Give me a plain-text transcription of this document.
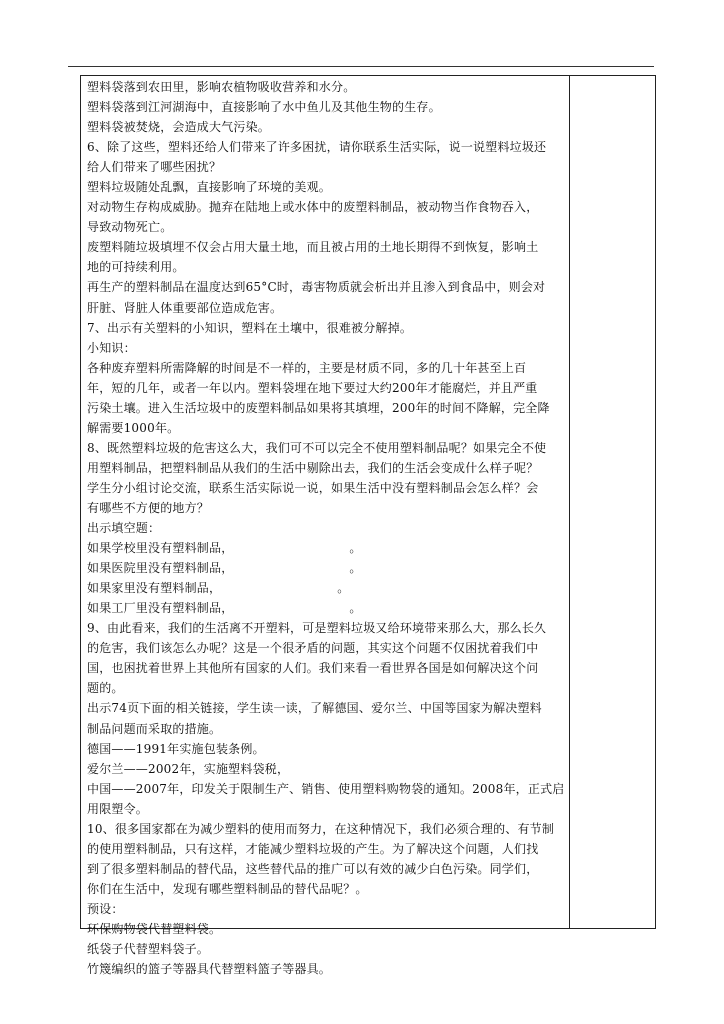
塑料袋落到农田里，影响农植物吸收营养和水分。

塑料袋落到江河湖海中，直接影响了水中鱼儿及其他生物的生存。

塑料袋被焚烧，会造成大气污染。

6、除了这些，塑料还给人们带来了许多困扰，请你联系生活实际，说一说塑料垃圾还

给人们带来了哪些困扰？

塑料垃圾随处乱飘，直接影响了环境的美观。

对动物生存构成威胁。抛弃在陆地上或水体中的废塑料制品，被动物当作食物吞入，

导致动物死亡。

废塑料随垃圾填埋不仅会占用大量土地，而且被占用的土地长期得不到恢复，影响土

地的可持续利用。

再生产的塑料制品在温度达到65°C时，毒害物质就会析出并且渗入到食品中，则会对

肝脏、肾脏人体重要部位造成危害。

7、出示有关塑料的小知识，塑料在土壤中，很难被分解掉。

小知识：

各种废弃塑料所需降解的时间是不一样的，主要是材质不同，多的几十年甚至上百

年，短的几年，或者一年以内。塑料袋埋在地下要过大约200年才能腐烂，并且严重

污染土壤。进入生活垃圾中的废塑料制品如果将其填埋，200年的时间不降解，完全降

解需要1000年。

8、既然塑料垃圾的危害这么大，我们可不可以完全不使用塑料制品呢？如果完全不使

用塑料制品，把塑料制品从我们的生活中剔除出去，我们的生活会变成什么样子呢？

学生分小组讨论交流，联系生活实际说一说，如果生活中没有塑料制品会怎么样？会

有哪些不方便的地方？

出示填空题：

如果学校里没有塑料制品，　　　　　　　　　　。

如果医院里没有塑料制品，　　　　　　　　　　。

如果家里没有塑料制品，　　　　　　　　　　。

如果工厂里没有塑料制品，　　　　　　　　　　。

9、由此看来，我们的生活离不开塑料，可是塑料垃圾又给环境带来那么大，那么长久

的危害，我们该怎么办呢？这是一个很矛盾的问题，其实这个问题不仅困扰着我们中

国，也困扰着世界上其他所有国家的人们。我们来看一看世界各国是如何解决这个问

题的。

出示74页下面的相关链接，学生读一读，了解德国、爱尔兰、中国等国家为解决塑料

制品问题而采取的措施。

德国——1991年实施包装条例。

爱尔兰——2002年，实施塑料袋税，

中国——2007年，印发关于限制生产、销售、使用塑料购物袋的通知。2008年，正式启

用限塑令。

10、很多国家都在为减少塑料的使用而努力，在这种情况下，我们必须合理的、有节制

的使用塑料制品，只有这样，才能减少塑料垃圾的产生。为了解决这个问题，人们找

到了很多塑料制品的替代品，这些替代品的推广可以有效的减少白色污染。同学们，

你们在生活中，发现有哪些塑料制品的替代品呢？。

预设：

环保购物袋代替塑料袋。

纸袋子代替塑料袋子。

竹篾编织的篮子等器具代替塑料篮子等器具。
